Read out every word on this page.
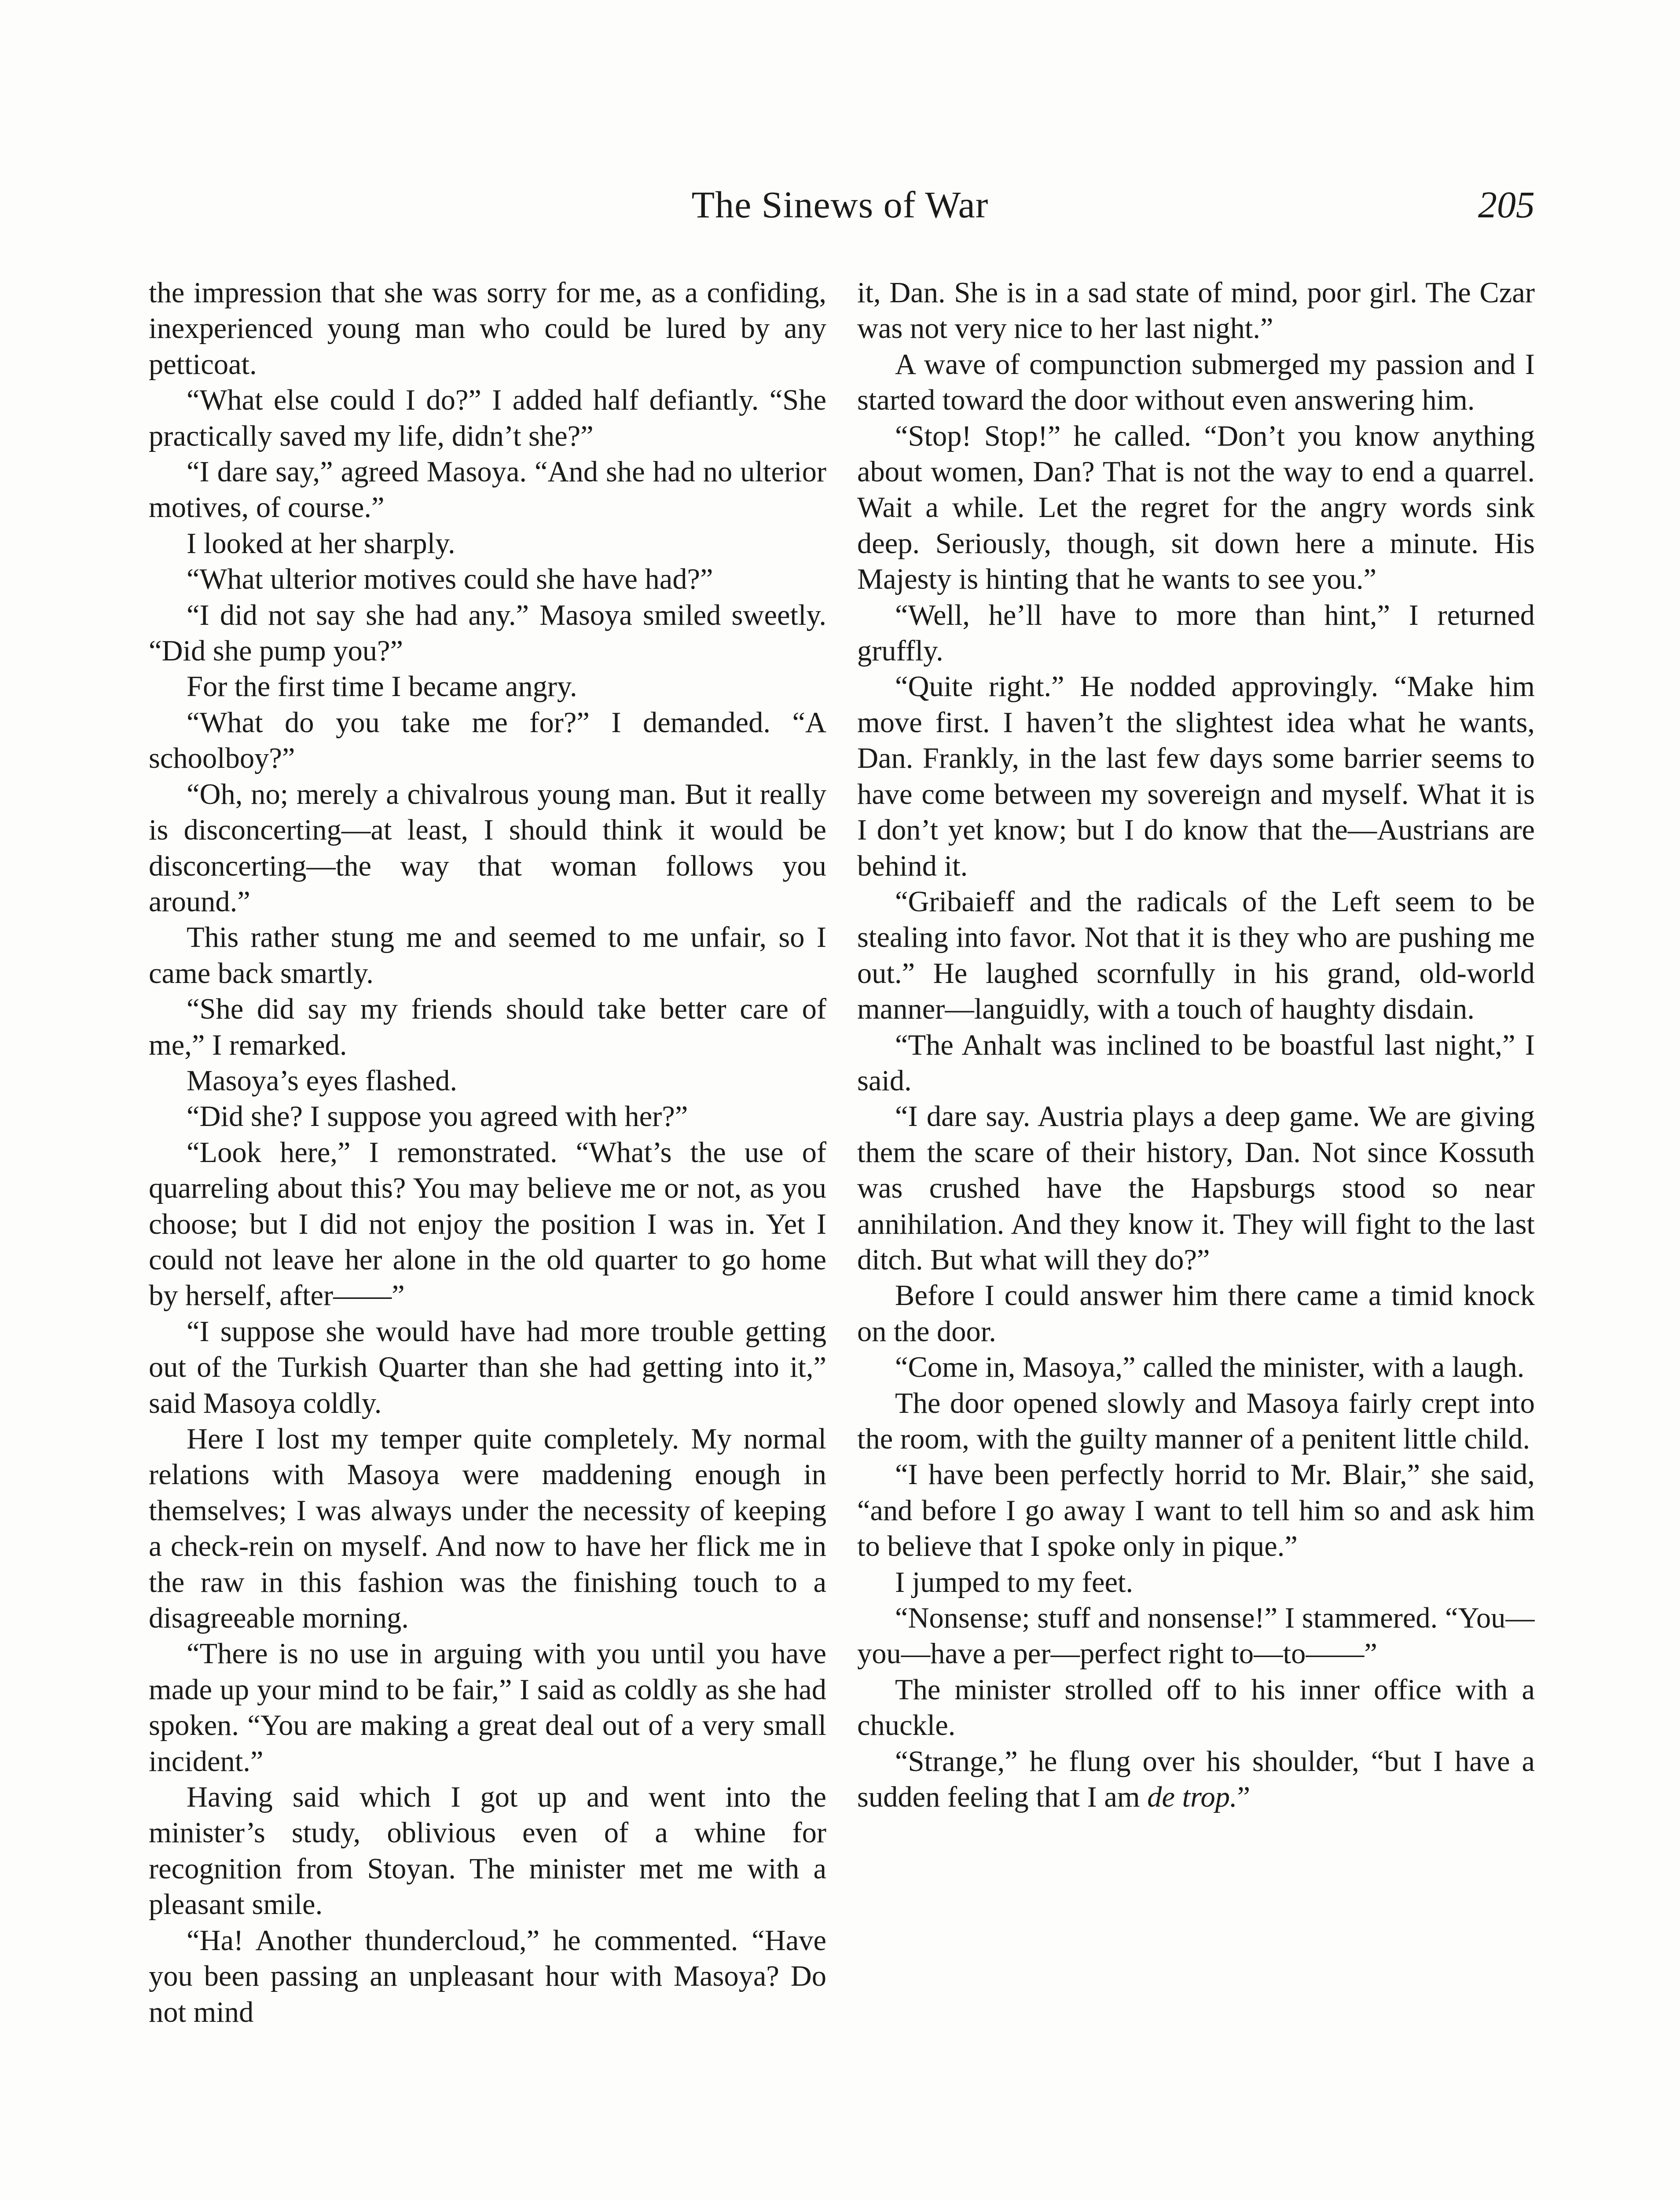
The Sinews of War	205

the impression that she was sorry for me, as a confiding, inexperienced young man who could be lured by any petticoat.

“What else could I do?” I added half defiantly. “She practically saved my life, didn’t she?”

“I dare say,” agreed Masoya. “And she had no ulterior motives, of course.”

I looked at her sharply.

“What ulterior motives could she have had?”

“I did not say she had any.” Masoya smiled sweetly. “Did she pump you?”

For the first time I became angry.

“What do you take me for?” I demanded. “A schoolboy?”

“Oh, no; merely a chivalrous young man. But it really is disconcerting—at least, I should think it would be disconcerting—the way that woman follows you around.”

This rather stung me and seemed to me unfair, so I came back smartly.

“She did say my friends should take better care of me,” I remarked.

Masoya’s eyes flashed.

“Did she? I suppose you agreed with her?”

“Look here,” I remonstrated. “What’s the use of quarreling about this? You may believe me or not, as you choose; but I did not enjoy the position I was in. Yet I could not leave her alone in the old quarter to go home by herself, after——”

“I suppose she would have had more trouble getting out of the Turkish Quarter than she had getting into it,” said Masoya coldly.

Here I lost my temper quite completely. My normal relations with Masoya were maddening enough in themselves; I was always under the necessity of keeping a check-rein on myself. And now to have her flick me in the raw in this fashion was the finishing touch to a disagreeable morning.

“There is no use in arguing with you until you have made up your mind to be fair,” I said as coldly as she had spoken. “You are making a great deal out of a very small incident.”

Having said which I got up and went into the minister’s study, oblivious even of a whine for recognition from Stoyan. The minister met me with a pleasant smile.

“Ha! Another thundercloud,” he commented. “Have you been passing an unpleasant hour with Masoya? Do not mind

it, Dan. She is in a sad state of mind, poor girl. The Czar was not very nice to her last night.”

A wave of compunction submerged my passion and I started toward the door without even answering him.

“Stop! Stop!” he called. “Don’t you know anything about women, Dan? That is not the way to end a quarrel. Wait a while. Let the regret for the angry words sink deep. Seriously, though, sit down here a minute. His Majesty is hinting that he wants to see you.”

“Well, he’ll have to more than hint,” I returned gruffly.

“Quite right.” He nodded approvingly. “Make him move first. I haven’t the slightest idea what he wants, Dan. Frankly, in the last few days some barrier seems to have come between my sovereign and myself. What it is I don’t yet know; but I do know that the—Austrians are behind it.

“Gribaieff and the radicals of the Left seem to be stealing into favor. Not that it is they who are pushing me out.” He laughed scornfully in his grand, old-world manner—languidly, with a touch of haughty disdain.

“The Anhalt was inclined to be boastful last night,” I said.

“I dare say. Austria plays a deep game. We are giving them the scare of their history, Dan. Not since Kossuth was crushed have the Hapsburgs stood so near annihilation. And they know it. They will fight to the last ditch. But what will they do?”

Before I could answer him there came a timid knock on the door.

“Come in, Masoya,” called the minister, with a laugh.

The door opened slowly and Masoya fairly crept into the room, with the guilty manner of a penitent little child.

“I have been perfectly horrid to Mr. Blair,” she said, “and before I go away I want to tell him so and ask him to believe that I spoke only in pique.”

I jumped to my feet.

“Nonsense; stuff and nonsense!” I stammered. “You—you—have a per—perfect right to—to——”

The minister strolled off to his inner office with a chuckle.

“Strange,” he flung over his shoulder, “but I have a sudden feeling that I am de trop.”
